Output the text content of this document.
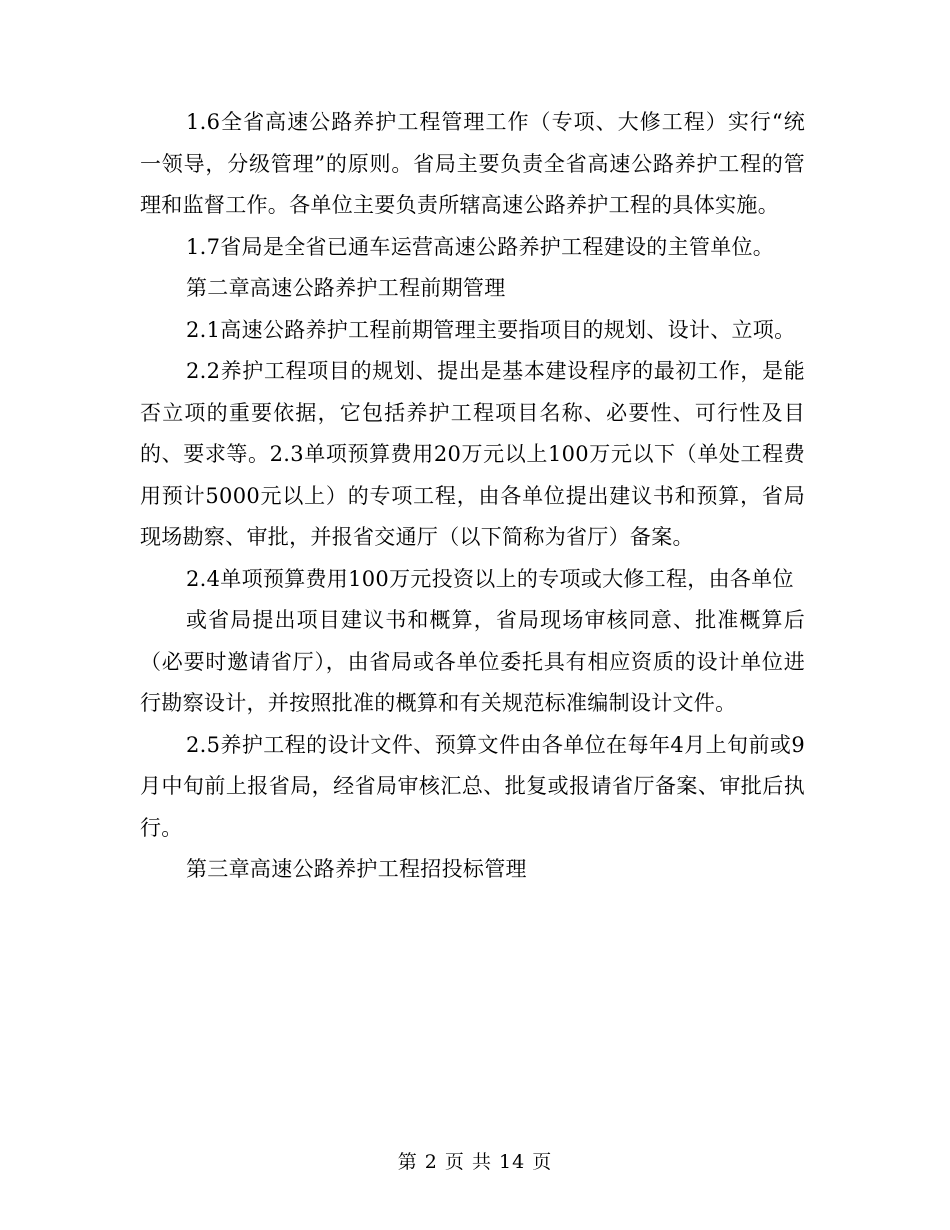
1.6全省高速公路养护工程管理工作（专项、大修工程）实行“统一领导，分级管理”的原则。省局主要负责全省高速公路养护工程的管理和监督工作。各单位主要负责所辖高速公路养护工程的具体实施。

1.7省局是全省已通车运营高速公路养护工程建设的主管单位。

第二章高速公路养护工程前期管理

2.1高速公路养护工程前期管理主要指项目的规划、设计、立项。

2.2养护工程项目的规划、提出是基本建设程序的最初工作，是能否立项的重要依据，它包括养护工程项目名称、必要性、可行性及目的、要求等。2.3单项预算费用20万元以上100万元以下（单处工程费用预计5000元以上）的专项工程，由各单位提出建议书和预算，省局现场勘察、审批，并报省交通厅（以下简称为省厅）备案。

2.4单项预算费用100万元投资以上的专项或大修工程，由各单位

或省局提出项目建议书和概算，省局现场审核同意、批准概算后（必要时邀请省厅），由省局或各单位委托具有相应资质的设计单位进行勘察设计，并按照批准的概算和有关规范标准编制设计文件。

2.5养护工程的设计文件、预算文件由各单位在每年4月上旬前或9月中旬前上报省局，经省局审核汇总、批复或报请省厅备案、审批后执行。

第三章高速公路养护工程招投标管理

第 2 页 共 14 页
